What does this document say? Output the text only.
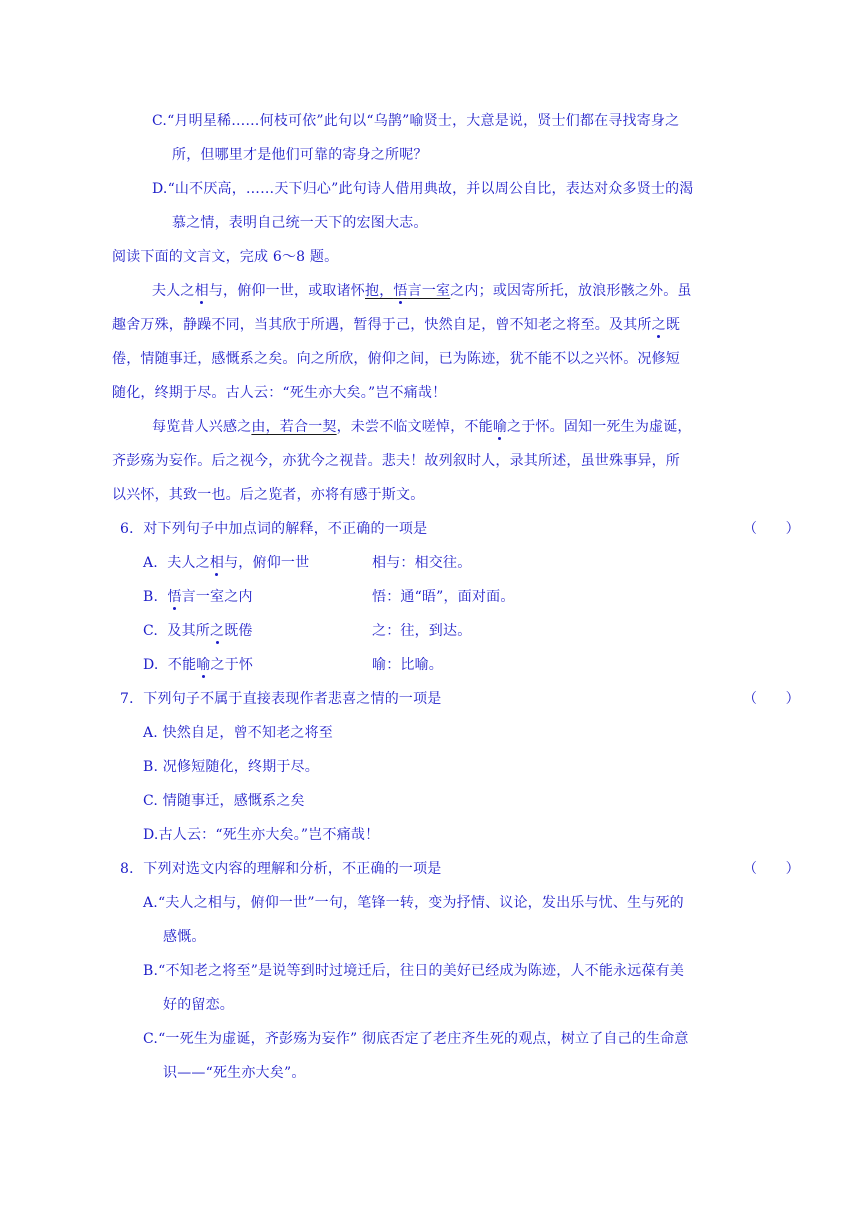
C.“月明星稀……何枝可依”此句以“乌鹊”喻贤士，大意是说，贤士们都在寻找寄身之
所，但哪里才是他们可靠的寄身之所呢？
D.“山不厌高，……天下归心”此句诗人借用典故，并以周公自比，表达对众多贤士的渴
慕之情，表明自己统一天下的宏图大志。
阅读下面的文言文，完成 6～8 题。
夫人之相与，俯仰一世，或取诸怀抱，悟言一室之内；或因寄所托，放浪形骸之外。虽
趣舍万殊，静躁不同，当其欣于所遇，暂得于己，快然自足，曾不知老之将至。及其所之既
倦，情随事迁，感慨系之矣。向之所欣，俯仰之间，已为陈迹，犹不能不以之兴怀。况修短
随化，终期于尽。古人云：“死生亦大矣。”岂不痛哉！
每览昔人兴感之由，若合一契，未尝不临文嗟悼，不能喻之于怀。固知一死生为虚诞，
齐彭殇为妄作。后之视今，亦犹今之视昔。悲夫！故列叙时人，录其所述，虽世殊事异，所
以兴怀，其致一也。后之览者，亦将有感于斯文。
6．对下列句子中加点词的解释，不正确的一项是	（　　）
A. 夫人之相与，俯仰一世	相与：相交往。
B. 悟言一室之内	悟：通“晤”，面对面。
C. 及其所之既倦	之：往，到达。
D. 不能喻之于怀	喻：比喻。
7．下列句子不属于直接表现作者悲喜之情的一项是	（　　）
A. 快然自足，曾不知老之将至
B. 况修短随化，终期于尽。
C. 情随事迁，感慨系之矣
D.古人云：“死生亦大矣。”岂不痛哉！
8．下列对选文内容的理解和分析，不正确的一项是	（　　）
A.“夫人之相与，俯仰一世”一句，笔锋一转，变为抒情、议论，发出乐与忧、生与死的
感慨。
B.“不知老之将至”是说等到时过境迁后，往日的美好已经成为陈迹，人不能永远葆有美
好的留恋。
C.“一死生为虚诞，齐彭殇为妄作” 彻底否定了老庄齐生死的观点，树立了自己的生命意
识——“死生亦大矣”。
